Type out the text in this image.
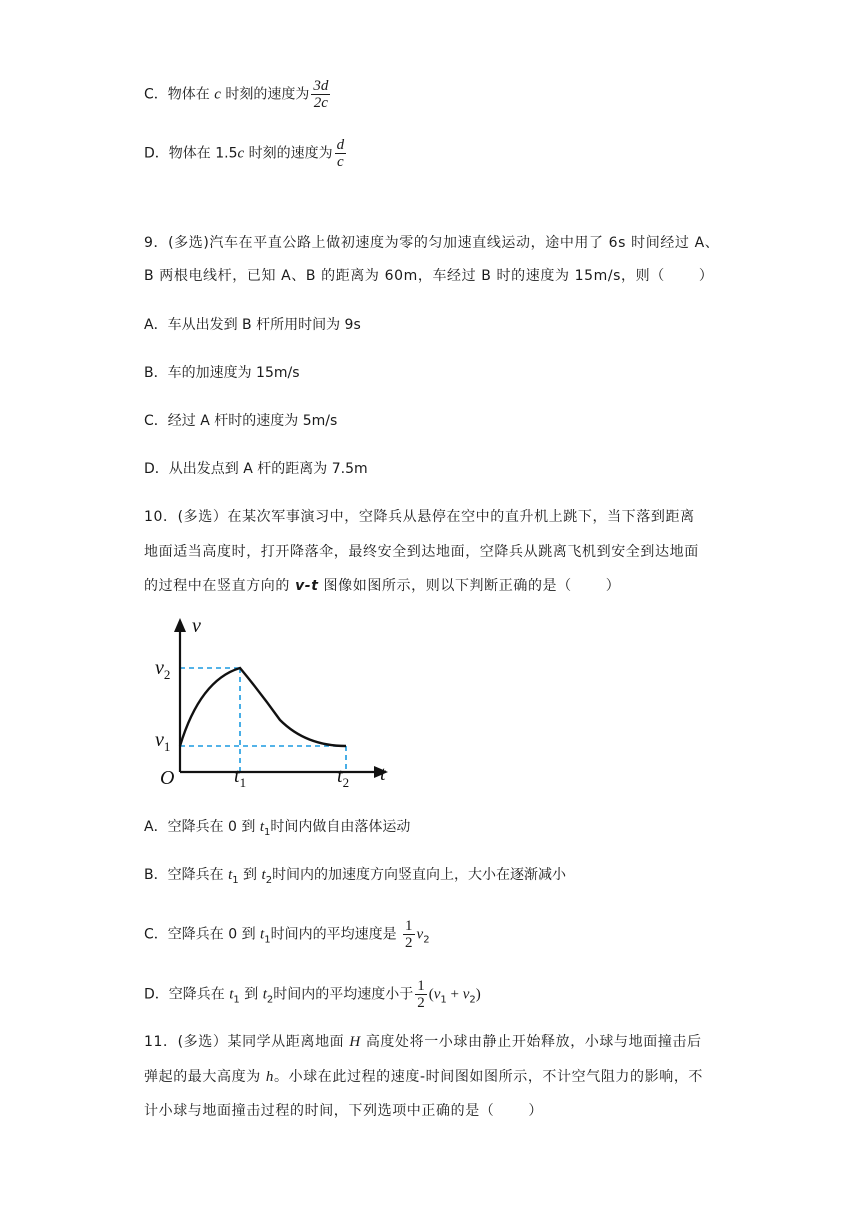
C．物体在 c 时刻的速度为 $\frac{3d}{2c}$
D．物体在 1.5c 时刻的速度为 $\frac{d}{c}$
9．(多选)汽车在平直公路上做初速度为零的匀加速直线运动，途中用了 6s 时间经过 A、
B 两根电线杆，已知 A、B 的距离为 60m，车经过 B 时的速度为 15m/s，则（ ）
A．车从出发到 B 杆所用时间为 9s
B．车的加速度为 15m/s
C．经过 A 杆时的速度为 5m/s
D．从出发点到 A 杆的距离为 7.5m
10．(多选）在某次军事演习中，空降兵从悬停在空中的直升机上跳下，当下落到距离
地面适当高度时，打开降落伞，最终安全到达地面，空降兵从跳离飞机到安全到达地面
的过程中在竖直方向的 v-t 图像如图所示，则以下判断正确的是（ ）
v
t
O
$v_2$
$v_1$
$t_1$	$t_2$
A．空降兵在 0 到 $t_1$时间内做自由落体运动
B．空降兵在 $t_1$ 到 $t_2$时间内的加速度方向竖直向上，大小在逐渐减小
C．空降兵在 0 到 $t_1$时间内的平均速度是 $\frac{1}{2} v_2$
D．空降兵在 $t_1$ 到 $t_2$时间内的平均速度小于 $\frac{1}{2} (v_1 + v_2)$
11．(多选）某同学从距离地面 H 高度处将一小球由静止开始释放，小球与地面撞击后
弹起的最大高度为 h。小球在此过程的速度-时间图如图所示，不计空气阻力的影响，不
计小球与地面撞击过程的时间，下列选项中正确的是（ ）
